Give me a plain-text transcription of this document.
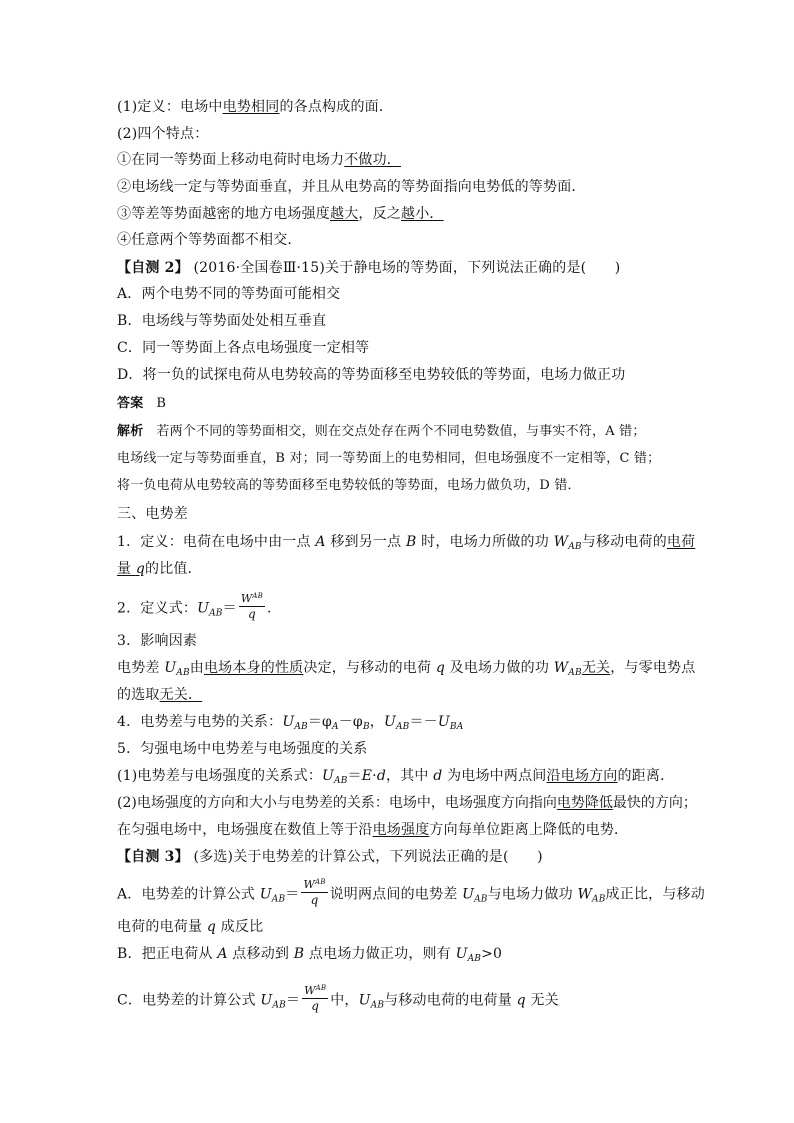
(1)定义：电场中电势相同的各点构成的面．
(2)四个特点：
①在同一等势面上移动电荷时电场力不做功．
②电场线一定与等势面垂直，并且从电势高的等势面指向电势低的等势面．
③等差等势面越密的地方电场强度越大，反之越小．
④任意两个等势面都不相交．
【自测 2】 (2016·全国卷Ⅲ·15)关于静电场的等势面，下列说法正确的是(　　)
A．两个电势不同的等势面可能相交
B．电场线与等势面处处相互垂直
C．同一等势面上各点电场强度一定相等
D．将一负的试探电荷从电势较高的等势面移至电势较低的等势面，电场力做正功
答案 B
解析 若两个不同的等势面相交，则在交点处存在两个不同电势数值，与事实不符，A 错；
电场线一定与等势面垂直，B 对；同一等势面上的电势相同，但电场强度不一定相等，C 错；
将一负电荷从电势较高的等势面移至电势较低的等势面，电场力做负功，D 错．
三、电势差
1．定义：电荷在电场中由一点 A 移到另一点 B 时，电场力所做的功 $W_{AB}$与移动电荷的电荷
量 q的比值．
2．定义式：$U_{AB}= \frac{W^{AB}}{q}$ .
3．影响因素
电势差 $U_{AB}$由电场本身的性质决定，与移动的电荷 q 及电场力做的功 $W_{AB}$无关，与零电势点
的选取无关．
4．电势差与电势的关系：$U_{AB}=\varphi_A-\varphi_B$，$U_{AB}=-U_{BA}$
5．匀强电场中电势差与电场强度的关系
(1)电势差与电场强度的关系式：$U_{AB}=E\cdot d$，其中 d 为电场中两点间沿电场方向的距离．
(2)电场强度的方向和大小与电势差的关系：电场中，电场强度方向指向电势降低最快的方向；
在匀强电场中，电场强度在数值上等于沿电场强度方向每单位距离上降低的电势．
【自测 3】 (多选)关于电势差的计算公式，下列说法正确的是(　　)
A．电势差的计算公式 $U_{AB}= \frac{W^{AB}}{q}$ 说明两点间的电势差 $U_{AB}$与电场力做功 $W_{AB}$成正比，与移动
电荷的电荷量 q 成反比
B．把正电荷从 A 点移动到 B 点电场力做正功，则有 $U_{AB}>0$
C．电势差的计算公式 $U_{AB}= \frac{W^{AB}}{q}$ 中，$U_{AB}$与移动电荷的电荷量 q 无关
